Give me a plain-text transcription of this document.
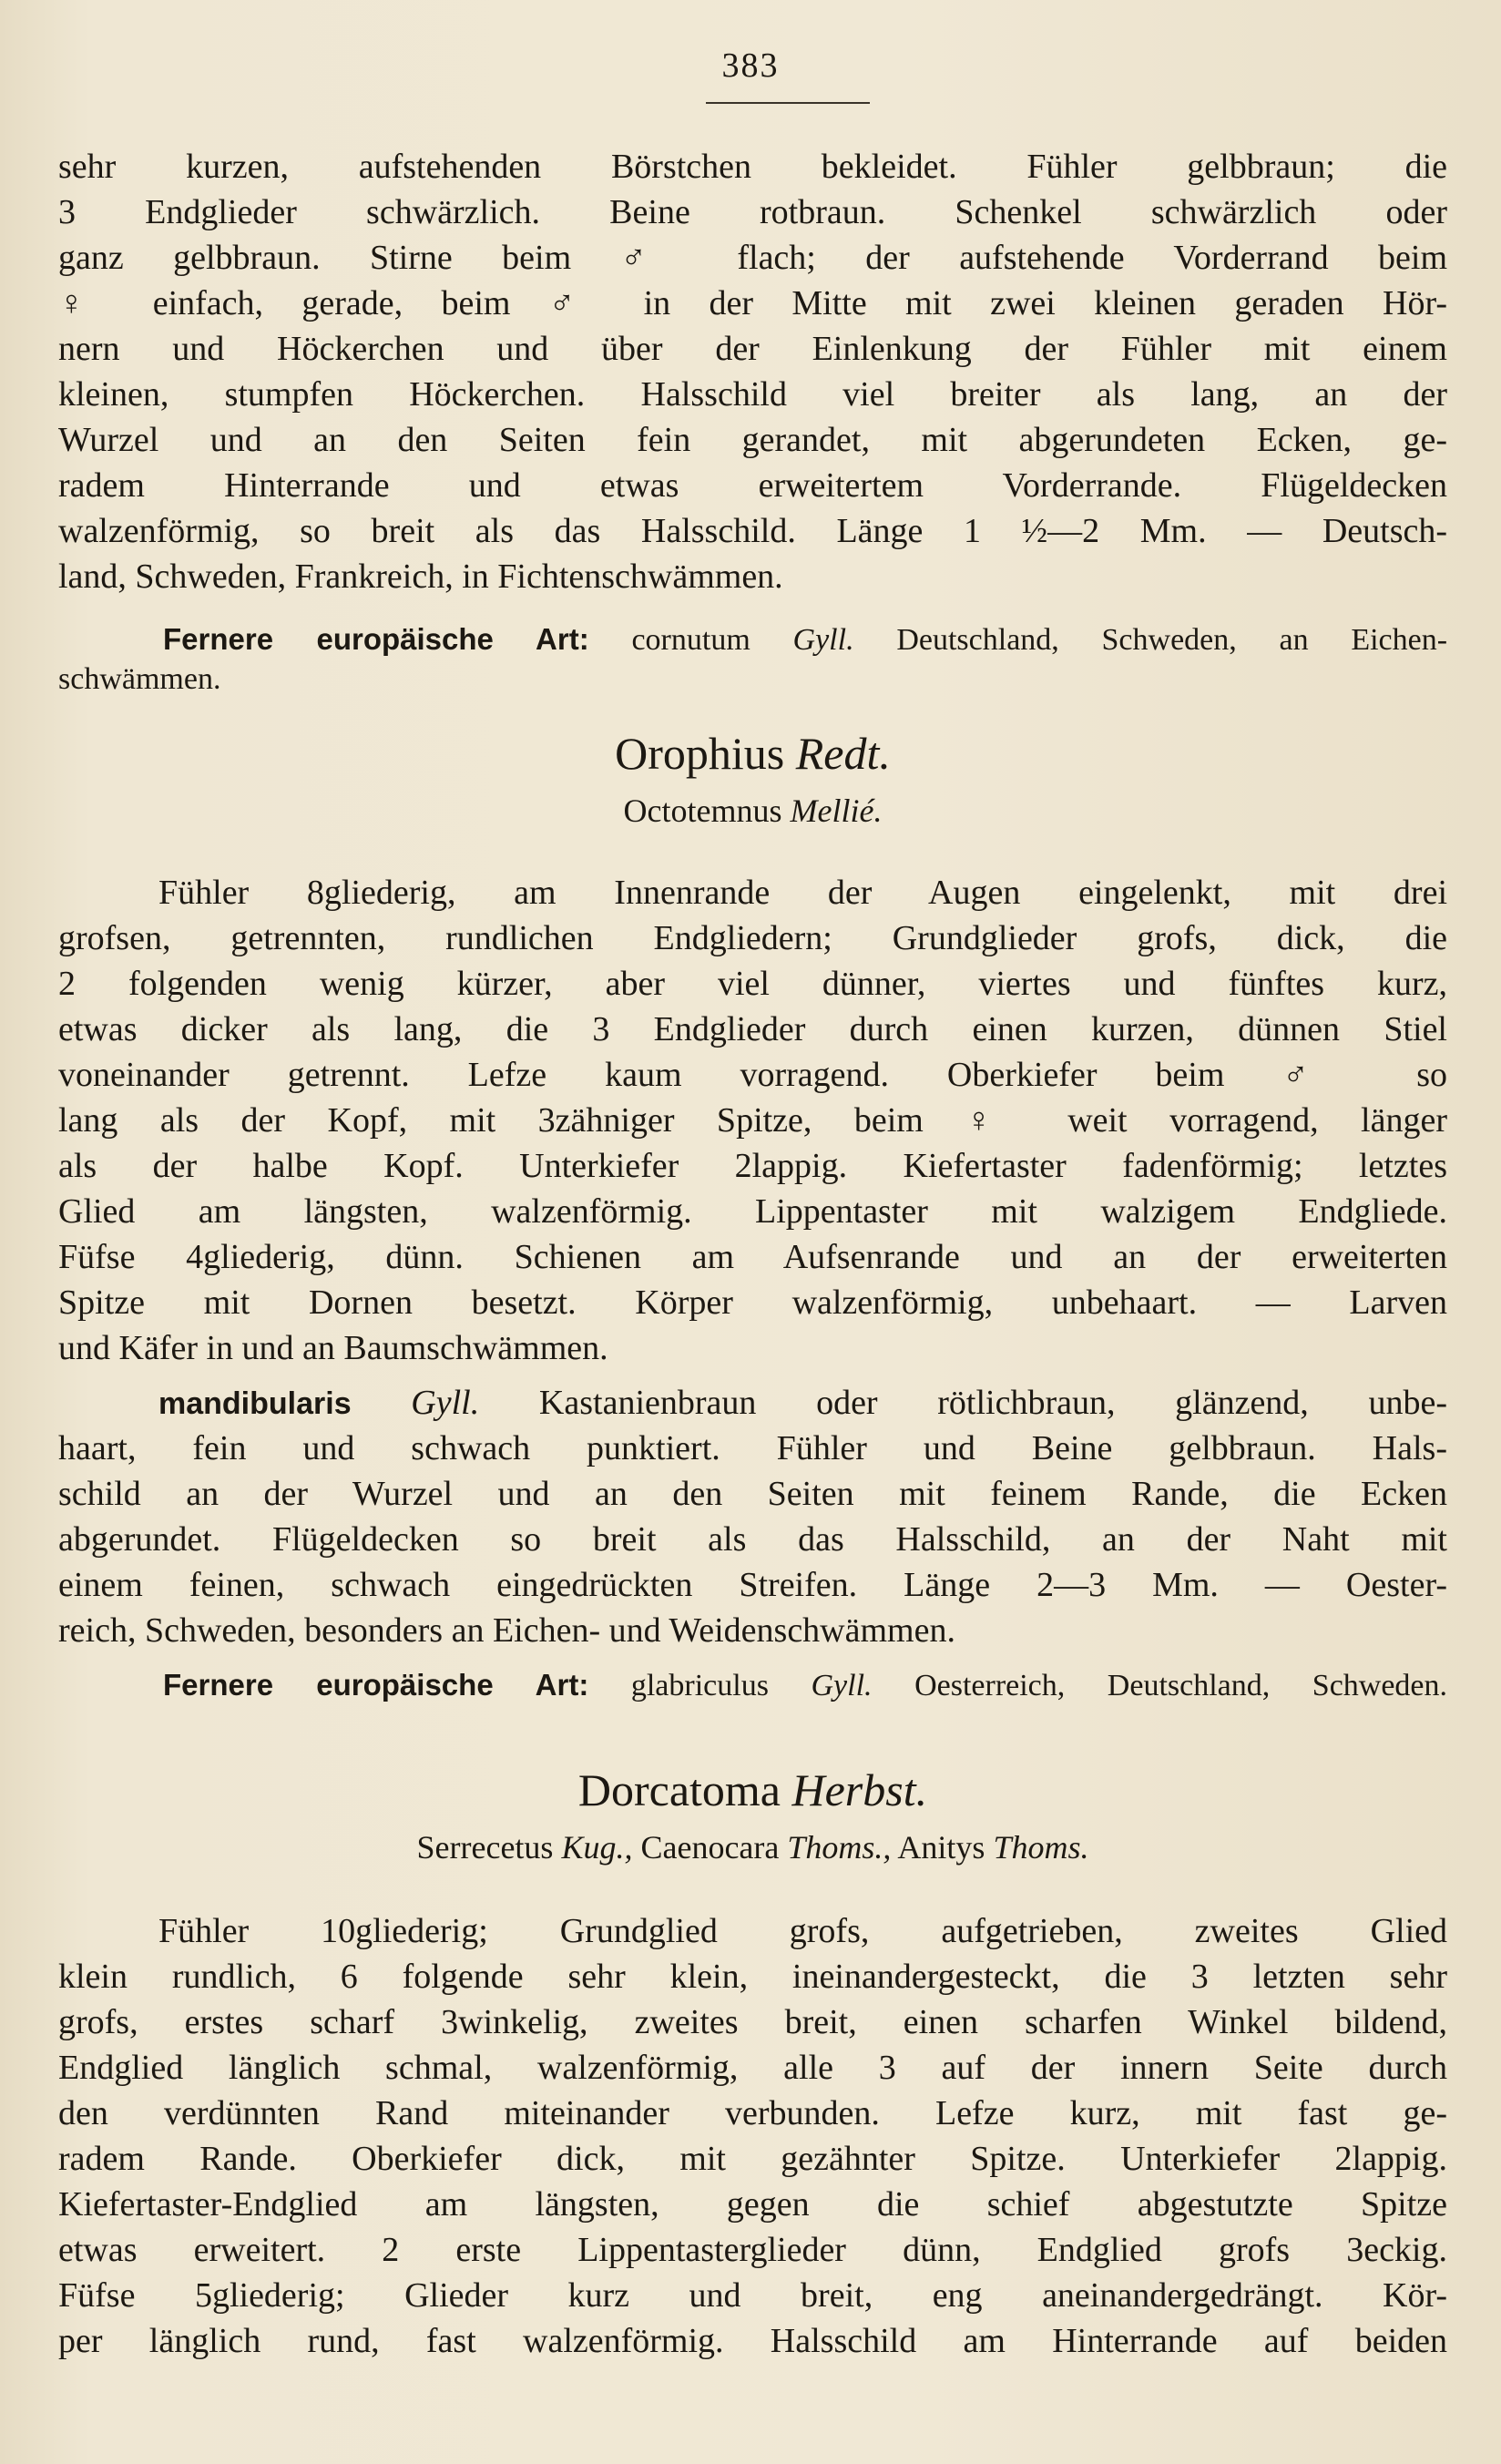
383
sehr kurzen, aufstehenden Börstchen bekleidet. Fühler gelbbraun; die
3 Endglieder schwärzlich. Beine rotbraun. Schenkel schwärzlich oder
ganz gelbbraun. Stirne beim ♂ flach; der aufstehende Vorderrand beim
♀ einfach, gerade, beim ♂ in der Mitte mit zwei kleinen geraden Hör-
nern und Höckerchen und über der Einlenkung der Fühler mit einem
kleinen, stumpfen Höckerchen. Halsschild viel breiter als lang, an der
Wurzel und an den Seiten fein gerandet, mit abgerundeten Ecken, ge-
radem Hinterrande und etwas erweitertem Vorderrande. Flügeldecken
walzenförmig, so breit als das Halsschild. Länge 1 ½—2 Mm. — Deutsch-
land, Schweden, Frankreich, in Fichtenschwämmen.
Fernere europäische Art: cornutum Gyll. Deutschland, Schweden, an Eichen-
schwämmen.
Orophius Redt.
Octotemnus Mellié.
Fühler 8gliederig, am Innenrande der Augen eingelenkt, mit drei
grofsen, getrennten, rundlichen Endgliedern; Grundglieder grofs, dick, die
2 folgenden wenig kürzer, aber viel dünner, viertes und fünftes kurz,
etwas dicker als lang, die 3 Endglieder durch einen kurzen, dünnen Stiel
voneinander getrennt. Lefze kaum vorragend. Oberkiefer beim ♂ so
lang als der Kopf, mit 3zähniger Spitze, beim ♀ weit vorragend, länger
als der halbe Kopf. Unterkiefer 2lappig. Kiefertaster fadenförmig; letztes
Glied am längsten, walzenförmig. Lippentaster mit walzigem Endgliede.
Füfse 4gliederig, dünn. Schienen am Aufsenrande und an der erweiterten
Spitze mit Dornen besetzt. Körper walzenförmig, unbehaart. — Larven
und Käfer in und an Baumschwämmen.
mandibularis Gyll. Kastanienbraun oder rötlichbraun, glänzend, unbe-
haart, fein und schwach punktiert. Fühler und Beine gelbbraun. Hals-
schild an der Wurzel und an den Seiten mit feinem Rande, die Ecken
abgerundet. Flügeldecken so breit als das Halsschild, an der Naht mit
einem feinen, schwach eingedrückten Streifen. Länge 2—3 Mm. — Oester-
reich, Schweden, besonders an Eichen- und Weidenschwämmen.
Fernere europäische Art: glabriculus Gyll. Oesterreich, Deutschland, Schweden.
Dorcatoma Herbst.
Serrecetus Kug., Caenocara Thoms., Anitys Thoms.
Fühler 10gliederig; Grundglied grofs, aufgetrieben, zweites Glied
klein rundlich, 6 folgende sehr klein, ineinandergesteckt, die 3 letzten sehr
grofs, erstes scharf 3winkelig, zweites breit, einen scharfen Winkel bildend,
Endglied länglich schmal, walzenförmig, alle 3 auf der innern Seite durch
den verdünnten Rand miteinander verbunden. Lefze kurz, mit fast ge-
radem Rande. Oberkiefer dick, mit gezähnter Spitze. Unterkiefer 2lappig.
Kiefertaster-Endglied am längsten, gegen die schief abgestutzte Spitze
etwas erweitert. 2 erste Lippentasterglieder dünn, Endglied grofs 3eckig.
Füfse 5gliederig; Glieder kurz und breit, eng aneinandergedrängt. Kör-
per länglich rund, fast walzenförmig. Halsschild am Hinterrande auf beiden
